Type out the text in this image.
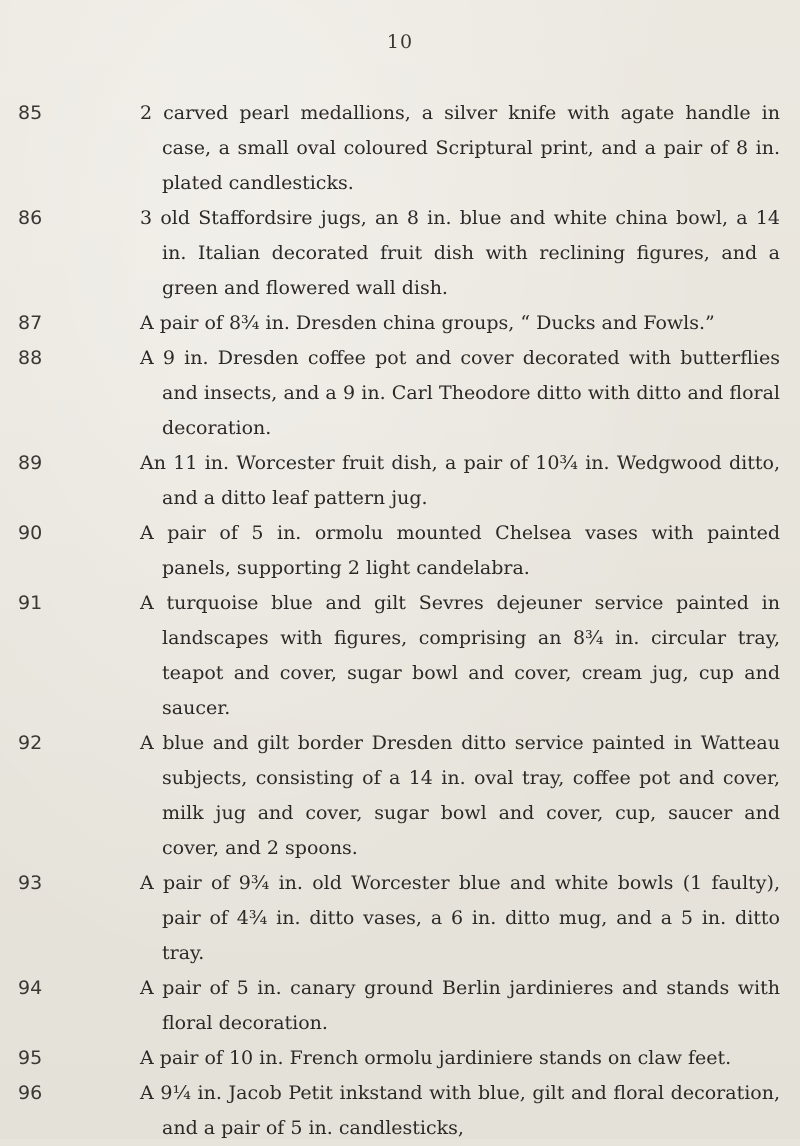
10
85	2 carved pearl medallions, a silver knife with agate handle in case, a small oval coloured Scriptural print, and a pair of 8 in. plated candlesticks.
86	3 old Staffordsire jugs, an 8 in. blue and white china bowl, a 14 in. Italian decorated fruit dish with reclining figures, and a green and flowered wall dish.
87	A pair of 8¾ in. Dresden china groups, “ Ducks and Fowls.”
88	A 9 in. Dresden coffee pot and cover decorated with butterflies and insects, and a 9 in. Carl Theodore ditto with ditto and floral decoration.
89	An 11 in. Worcester fruit dish, a pair of 10¾ in. Wedgwood ditto, and a ditto leaf pattern jug.
90	A pair of 5 in. ormolu mounted Chelsea vases with painted panels, supporting 2 light candelabra.
91	A turquoise blue and gilt Sevres dejeuner service painted in landscapes with figures, comprising an 8¾ in. circular tray, teapot and cover, sugar bowl and cover, cream jug, cup and saucer.
92	A blue and gilt border Dresden ditto service painted in Watteau subjects, consisting of a 14 in. oval tray, coffee pot and cover, milk jug and cover, sugar bowl and cover, cup, saucer and cover, and 2 spoons.
93	A pair of 9¾ in. old Worcester blue and white bowls (1 faulty), pair of 4¾ in. ditto vases, a 6 in. ditto mug, and a 5 in. ditto tray.
94	A pair of 5 in. canary ground Berlin jardinieres and stands with floral decoration.
95	A pair of 10 in. French ormolu jardiniere stands on claw feet.
96	A 9¼ in. Jacob Petit inkstand with blue, gilt and floral decoration, and a pair of 5 in. candlesticks,
